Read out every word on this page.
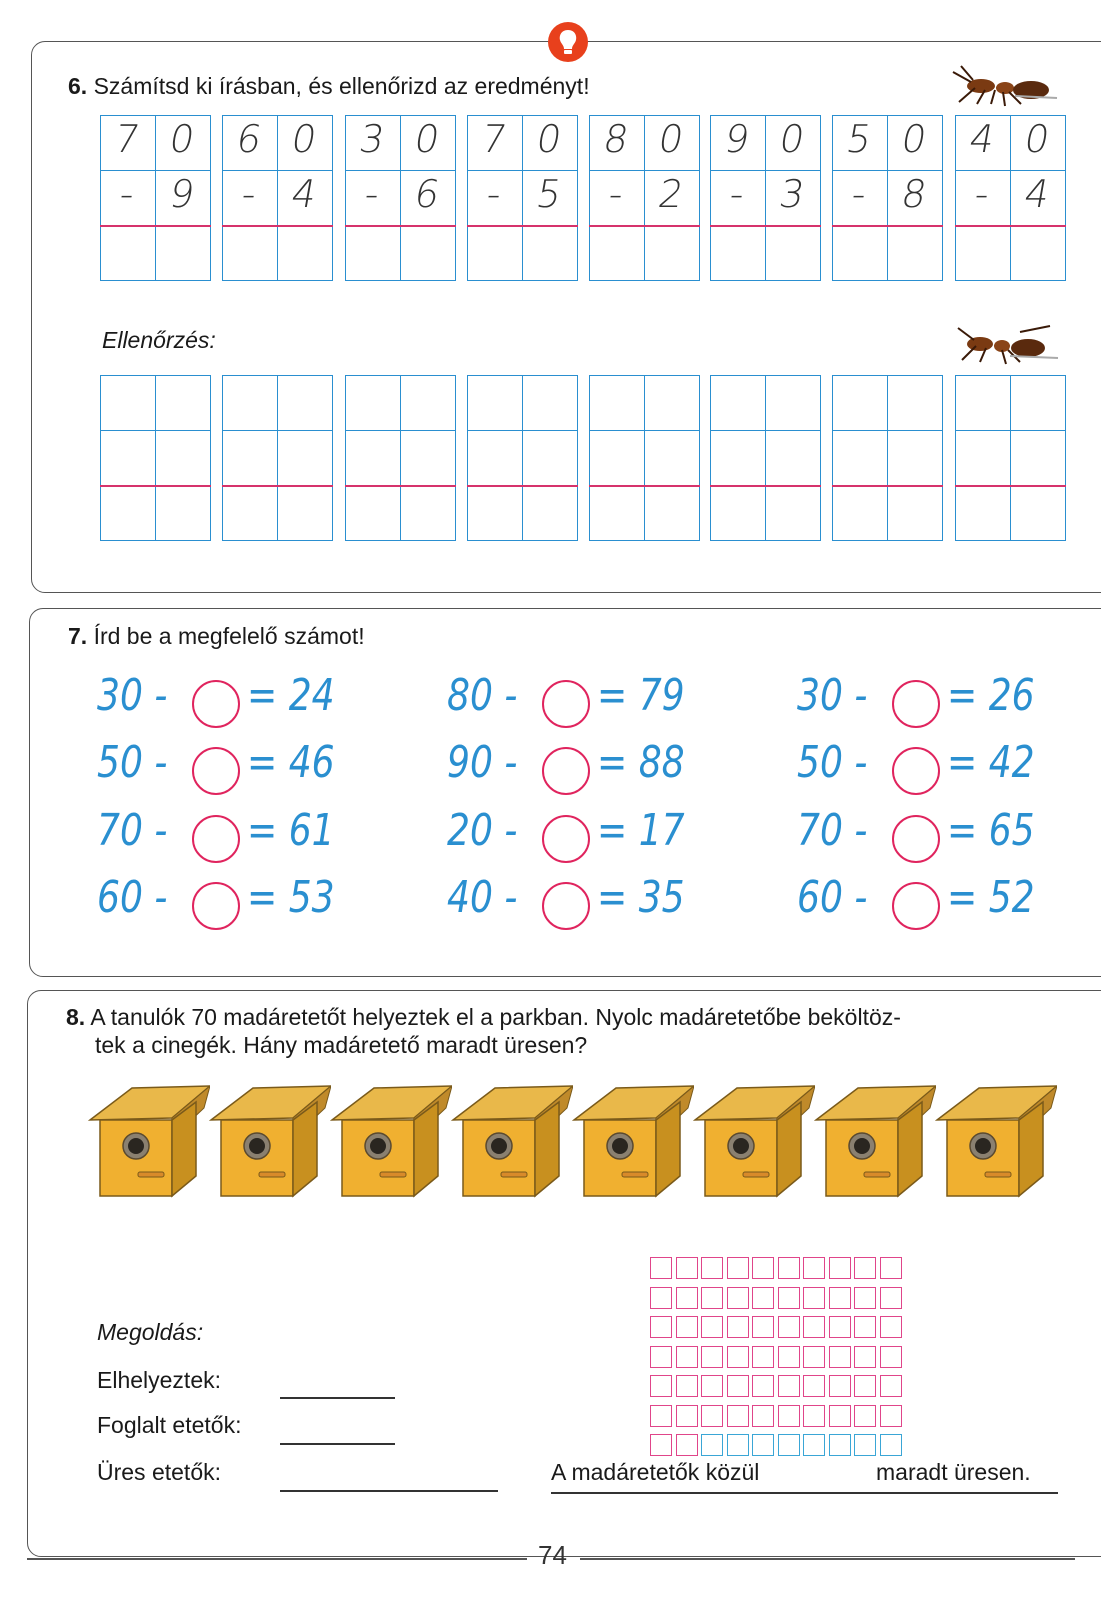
6. Számítsd ki írásban, és ellenőrizd az eredményt!
7 0
- 9
6 0
- 4
3 0
- 6
7 0
- 5
8 0
- 2
9 0
- 3
5 0
- 8
4 0
- 4
Ellenőrzés:
7. Írd be a megfelelő számot!
30 - = 24
50 - = 46
70 - = 61
60 - = 53
80 - = 79
90 - = 88
20 - = 17
40 - = 35
30 - = 26
50 - = 42
70 - = 65
60 - = 52
8. A tanulók 70 madáretetőt helyeztek el a parkban. Nyolc madáretetőbe beköltöz-
tek a cinegék. Hány madáretető maradt üresen?
Megoldás:
Elhelyeztek:
Foglalt etetők:
Üres etetők:	A madáretetők közül	maradt üresen.
74
